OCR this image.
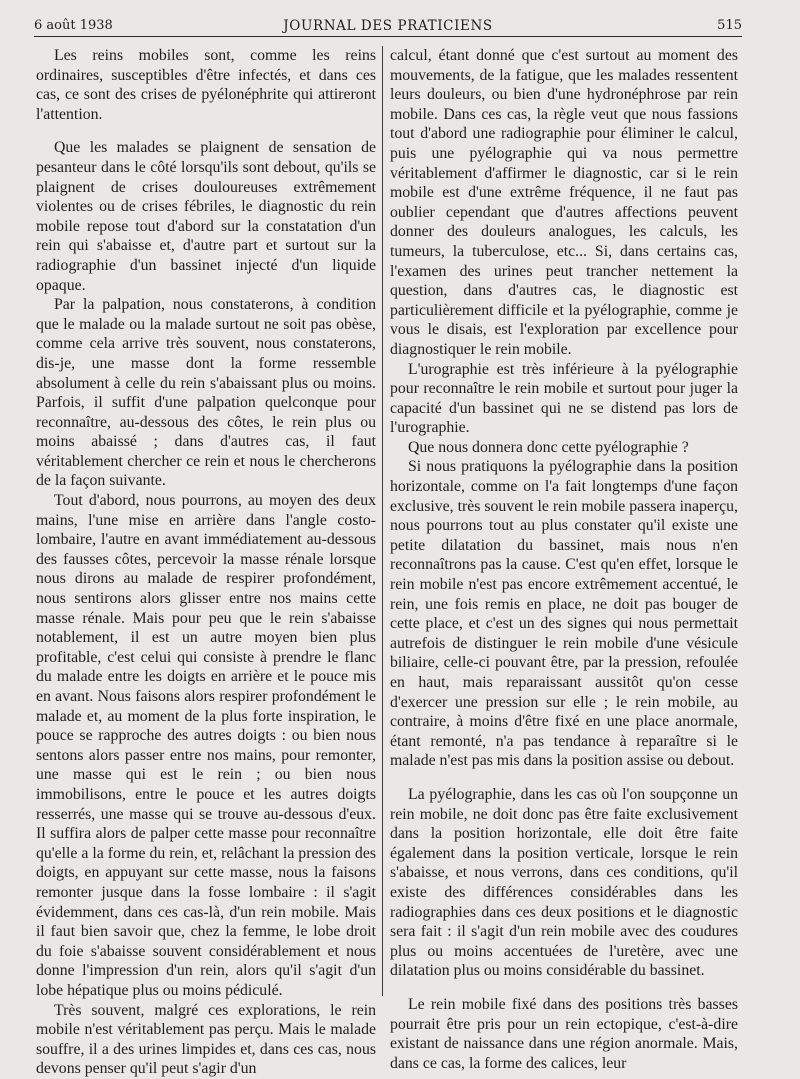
6 août 1938	JOURNAL DES PRATICIENS	515

Les reins mobiles sont, comme les reins ordinaires, susceptibles d'être infectés, et dans ces cas, ce sont des crises de pyélonéphrite qui attireront l'attention.

Que les malades se plaignent de sensation de pesanteur dans le côté lorsqu'ils sont debout, qu'ils se plaignent de crises douloureuses extrêmement violentes ou de crises fébriles, le diagnostic du rein mobile repose tout d'abord sur la constatation d'un rein qui s'abaisse et, d'autre part et surtout sur la radiographie d'un bassinet injecté d'un liquide opaque.

Par la palpation, nous constaterons, à condition que le malade ou la malade surtout ne soit pas obèse, comme cela arrive très souvent, nous constaterons, dis-je, une masse dont la forme ressemble absolument à celle du rein s'abaissant plus ou moins. Parfois, il suffit d'une palpation quelconque pour reconnaître, au-dessous des côtes, le rein plus ou moins abaissé ; dans d'autres cas, il faut véritablement chercher ce rein et nous le chercherons de la façon suivante.

Tout d'abord, nous pourrons, au moyen des deux mains, l'une mise en arrière dans l'angle costo-lombaire, l'autre en avant immédiatement au-dessous des fausses côtes, percevoir la masse rénale lorsque nous dirons au malade de respirer profondément, nous sentirons alors glisser entre nos mains cette masse rénale. Mais pour peu que le rein s'abaisse notablement, il est un autre moyen bien plus profitable, c'est celui qui consiste à prendre le flanc du malade entre les doigts en arrière et le pouce mis en avant. Nous faisons alors respirer profondément le malade et, au moment de la plus forte inspiration, le pouce se rapproche des autres doigts : ou bien nous sentons alors passer entre nos mains, pour remonter, une masse qui est le rein ; ou bien nous immobilisons, entre le pouce et les autres doigts resserrés, une masse qui se trouve au-dessous d'eux. Il suffira alors de palper cette masse pour reconnaître qu'elle a la forme du rein, et, relâchant la pression des doigts, en appuyant sur cette masse, nous la faisons remonter jusque dans la fosse lombaire : il s'agit évidemment, dans ces cas-là, d'un rein mobile. Mais il faut bien savoir que, chez la femme, le lobe droit du foie s'abaisse souvent considérablement et nous donne l'impression d'un rein, alors qu'il s'agit d'un lobe hépatique plus ou moins pédiculé.

Très souvent, malgré ces explorations, le rein mobile n'est véritablement pas perçu. Mais le malade souffre, il a des urines limpides et, dans ces cas, nous devons penser qu'il peut s'agir d'un

calcul, étant donné que c'est surtout au moment des mouvements, de la fatigue, que les malades ressentent leurs douleurs, ou bien d'une hydronéphrose par rein mobile. Dans ces cas, la règle veut que nous fassions tout d'abord une radiographie pour éliminer le calcul, puis une pyélographie qui va nous permettre véritablement d'affirmer le diagnostic, car si le rein mobile est d'une extrême fréquence, il ne faut pas oublier cependant que d'autres affections peuvent donner des douleurs analogues, les calculs, les tumeurs, la tuberculose, etc... Si, dans certains cas, l'examen des urines peut trancher nettement la question, dans d'autres cas, le diagnostic est particulièrement difficile et la pyélographie, comme je vous le disais, est l'exploration par excellence pour diagnostiquer le rein mobile.

L'urographie est très inférieure à la pyélographie pour reconnaître le rein mobile et surtout pour juger la capacité d'un bassinet qui ne se distend pas lors de l'urographie.

Que nous donnera donc cette pyélographie ?

Si nous pratiquons la pyélographie dans la position horizontale, comme on l'a fait longtemps d'une façon exclusive, très souvent le rein mobile passera inaperçu, nous pourrons tout au plus constater qu'il existe une petite dilatation du bassinet, mais nous n'en reconnaîtrons pas la cause. C'est qu'en effet, lorsque le rein mobile n'est pas encore extrêmement accentué, le rein, une fois remis en place, ne doit pas bouger de cette place, et c'est un des signes qui nous permettait autrefois de distinguer le rein mobile d'une vésicule biliaire, celle-ci pouvant être, par la pression, refoulée en haut, mais reparaissant aussitôt qu'on cesse d'exercer une pression sur elle ; le rein mobile, au contraire, à moins d'être fixé en une place anormale, étant remonté, n'a pas tendance à reparaître si le malade n'est pas mis dans la position assise ou debout.

La pyélographie, dans les cas où l'on soupçonne un rein mobile, ne doit donc pas être faite exclusivement dans la position horizontale, elle doit être faite également dans la position verticale, lorsque le rein s'abaisse, et nous verrons, dans ces conditions, qu'il existe des différences considérables dans les radiographies dans ces deux positions et le diagnostic sera fait : il s'agit d'un rein mobile avec des coudures plus ou moins accentuées de l'uretère, avec une dilatation plus ou moins considérable du bassinet.

Le rein mobile fixé dans des positions très basses pourrait être pris pour un rein ectopique, c'est-à-dire existant de naissance dans une région anormale. Mais, dans ce cas, la forme des calices, leur
